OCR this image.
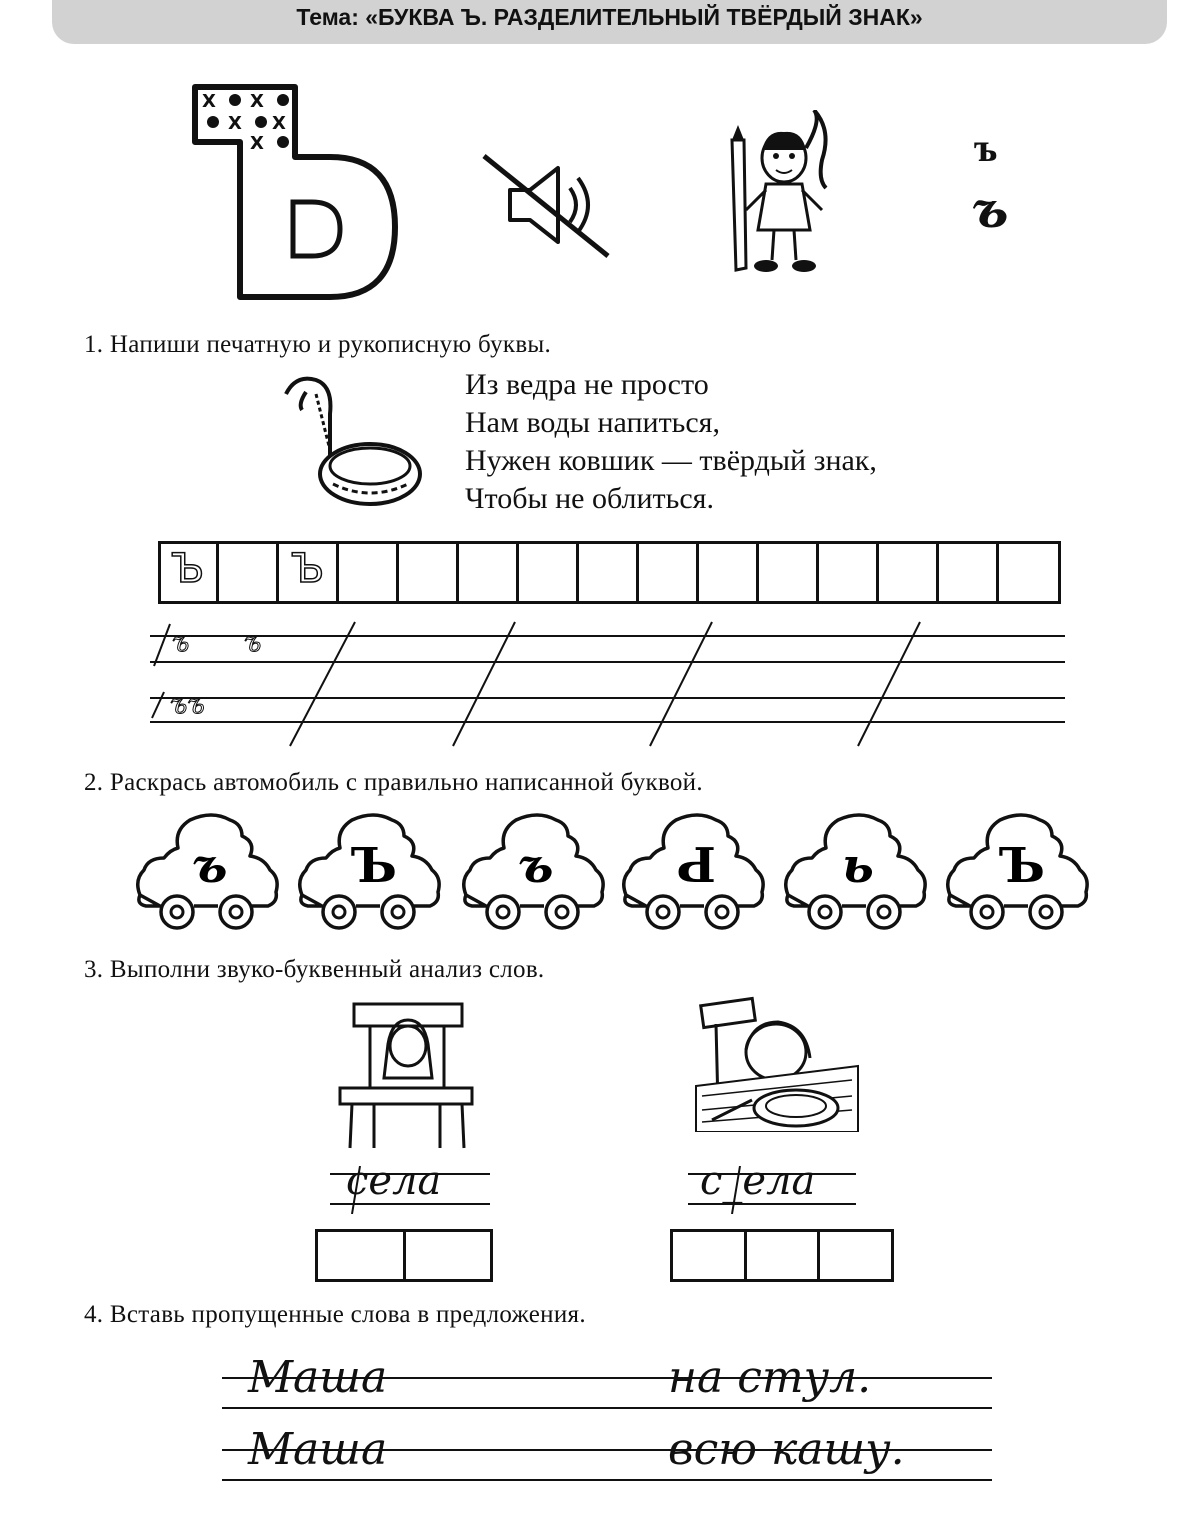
Тема: «БУКВА Ъ. РАЗДЕЛИТЕЛЬНЫЙ ТВЁРДЫЙ ЗНАК»
X X
X X
X	ъ
ъ
1. Напиши печатную и рукописную буквы.
Из ведра не просто
Нам воды напиться,
Нужен ковшик — твёрдый знак,
Чтобы не облиться.
Ъ Ъ
ъ ъ
ъъ
2. Раскрась автомобиль с правильно написанной буквой.
ъ	Ъ	ъ	Ь	ь	Ъ
3. Выполни звуко-буквенный анализ слов.
села	с_ела
4. Вставь пропущенные слова в предложения.
Маша	на стул.
Маша	всю кашу.
